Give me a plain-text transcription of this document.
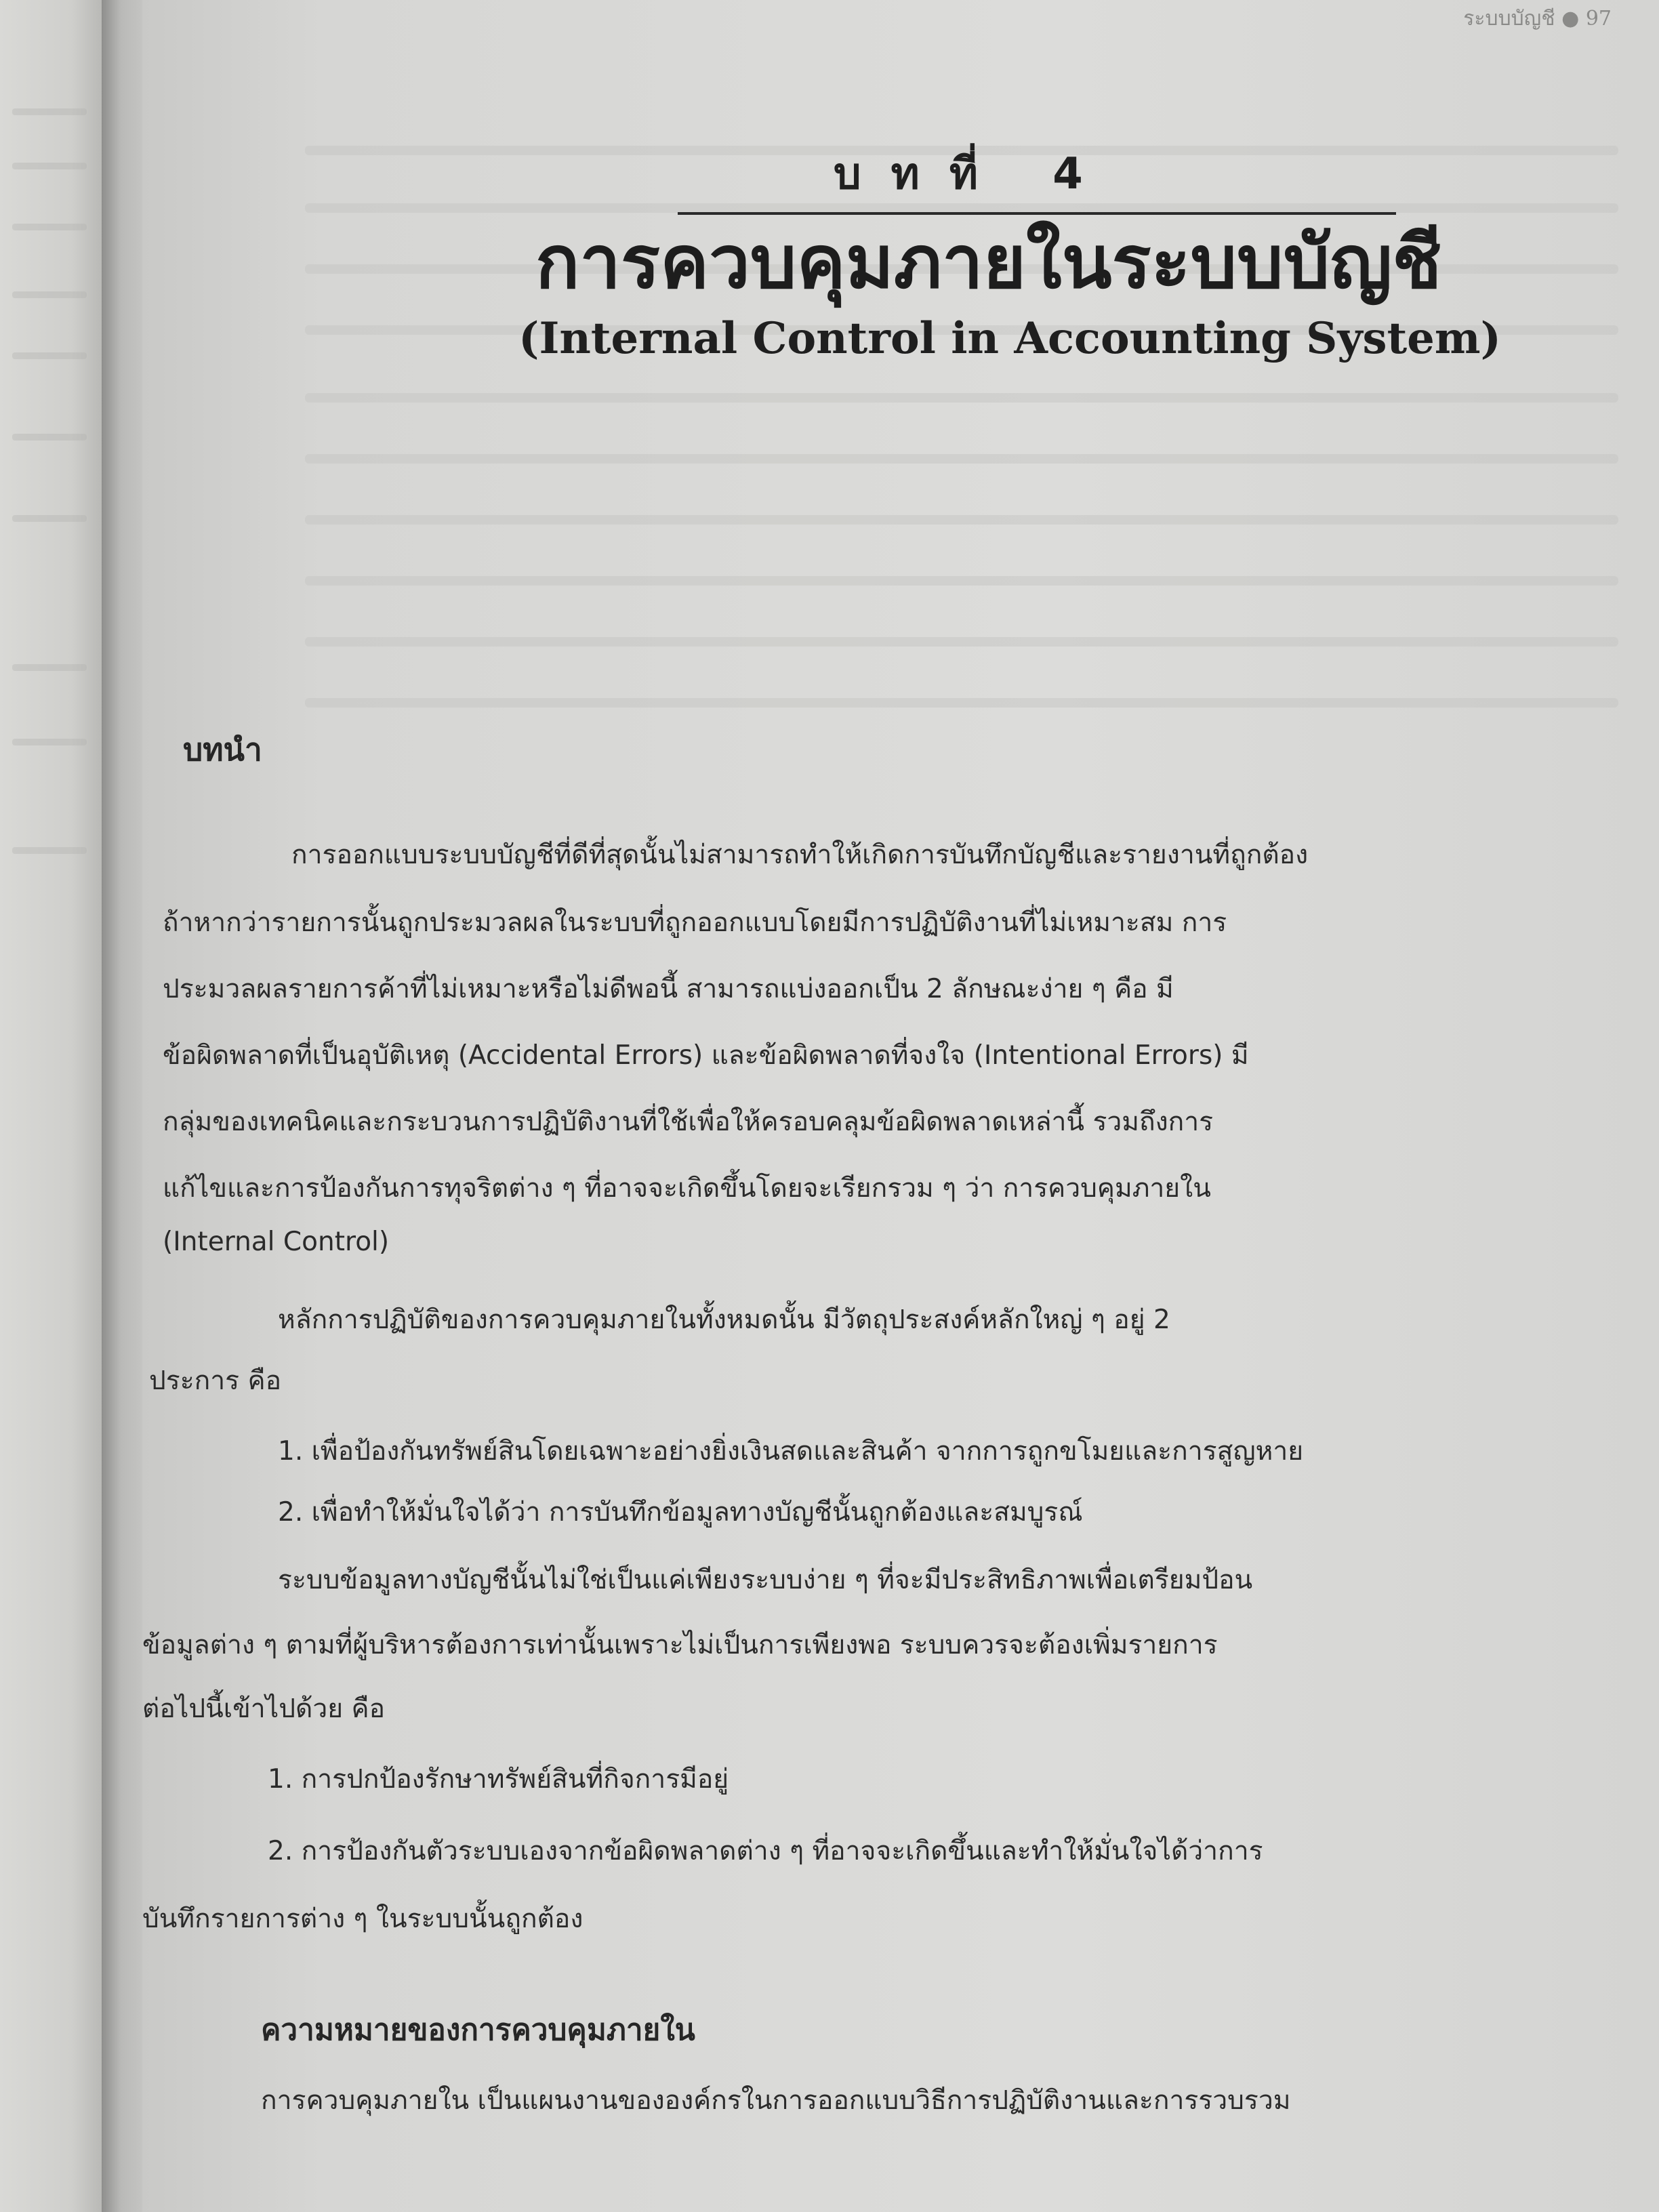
ระบบบัญชี ● 97
บทที่ 4
การควบคุมภายในระบบบัญชี
(Internal Control in Accounting System)
บทนำ
การออกแบบระบบบัญชีที่ดีที่สุดนั้นไม่สามารถทำให้เกิดการบันทึกบัญชีและรายงานที่ถูกต้อง
ถ้าหากว่ารายการนั้นถูกประมวลผลในระบบที่ถูกออกแบบโดยมีการปฏิบัติงานที่ไม่เหมาะสม การ
ประมวลผลรายการค้าที่ไม่เหมาะหรือไม่ดีพอนี้ สามารถแบ่งออกเป็น 2 ลักษณะง่าย ๆ คือ มี
ข้อผิดพลาดที่เป็นอุบัติเหตุ (Accidental Errors) และข้อผิดพลาดที่จงใจ (Intentional Errors) มี
กลุ่มของเทคนิคและกระบวนการปฏิบัติงานที่ใช้เพื่อให้ครอบคลุมข้อผิดพลาดเหล่านี้ รวมถึงการ
แก้ไขและการป้องกันการทุจริตต่าง ๆ ที่อาจจะเกิดขึ้นโดยจะเรียกรวม ๆ ว่า การควบคุมภายใน
(Internal Control)
หลักการปฏิบัติของการควบคุมภายในทั้งหมดนั้น มีวัตถุประสงค์หลักใหญ่ ๆ อยู่ 2
ประการ คือ
1. เพื่อป้องกันทรัพย์สินโดยเฉพาะอย่างยิ่งเงินสดและสินค้า จากการถูกขโมยและการสูญหาย
2. เพื่อทำให้มั่นใจได้ว่า การบันทึกข้อมูลทางบัญชีนั้นถูกต้องและสมบูรณ์
ระบบข้อมูลทางบัญชีนั้นไม่ใช่เป็นแค่เพียงระบบง่าย ๆ ที่จะมีประสิทธิภาพเพื่อเตรียมป้อน
ข้อมูลต่าง ๆ ตามที่ผู้บริหารต้องการเท่านั้นเพราะไม่เป็นการเพียงพอ ระบบควรจะต้องเพิ่มรายการ
ต่อไปนี้เข้าไปด้วย คือ
1. การปกป้องรักษาทรัพย์สินที่กิจการมีอยู่
2. การป้องกันตัวระบบเองจากข้อผิดพลาดต่าง ๆ ที่อาจจะเกิดขึ้นและทำให้มั่นใจได้ว่าการ
บันทึกรายการต่าง ๆ ในระบบนั้นถูกต้อง
ความหมายของการควบคุมภายใน
การควบคุมภายใน เป็นแผนงานขององค์กรในการออกแบบวิธีการปฏิบัติงานและการรวบรวม
